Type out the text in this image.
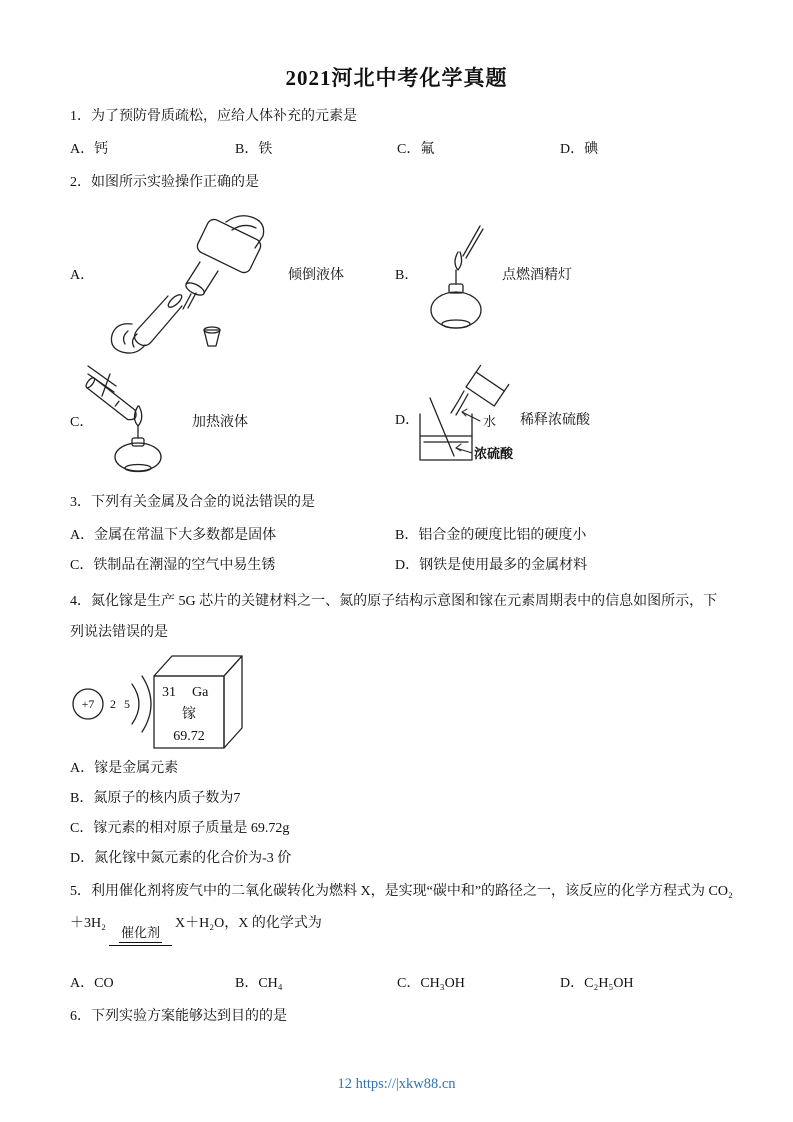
2021河北中考化学真题
1．为了预防骨质疏松，应给人体补充的元素是
A．钙	B．铁	C．氟	D．碘
2．如图所示实验操作正确的是
A．	倾倒液体	B．	点燃酒精灯
C．	加热液体	D．	水
浓硫酸
稀释浓硫酸
3．下列有关金属及合金的说法错误的是
A．金属在常温下大多数都是固体	B．铝合金的硬度比铝的硬度小
C．铁制品在潮湿的空气中易生锈	D．钢铁是使用最多的金属材料
4．氮化镓是生产 5G 芯片的关键材料之一、氮的原子结构示意图和镓在元素周期表中的信息如图所示，下列说法错误的是
+7 2 5
31 Ga
镓
69.72
A．镓是金属元素
B．氮原子的核内质子数为7
C．镓元素的相对原子质量是 69.72g
D．氮化镓中氮元素的化合价为-3 价
5．利用催化剂将废气中的二氧化碳转化为燃料 X，是实现“碳中和”的路径之一，该反应的化学方程式为 CO₂
＋3H₂催化剂X＋H₂O，X 的化学式为
A．CO	B．CH₄	C．CH₃OH	D．C₂H₅OH
6．下列实验方案能够达到目的的是
12 https://|xkw88.cn
